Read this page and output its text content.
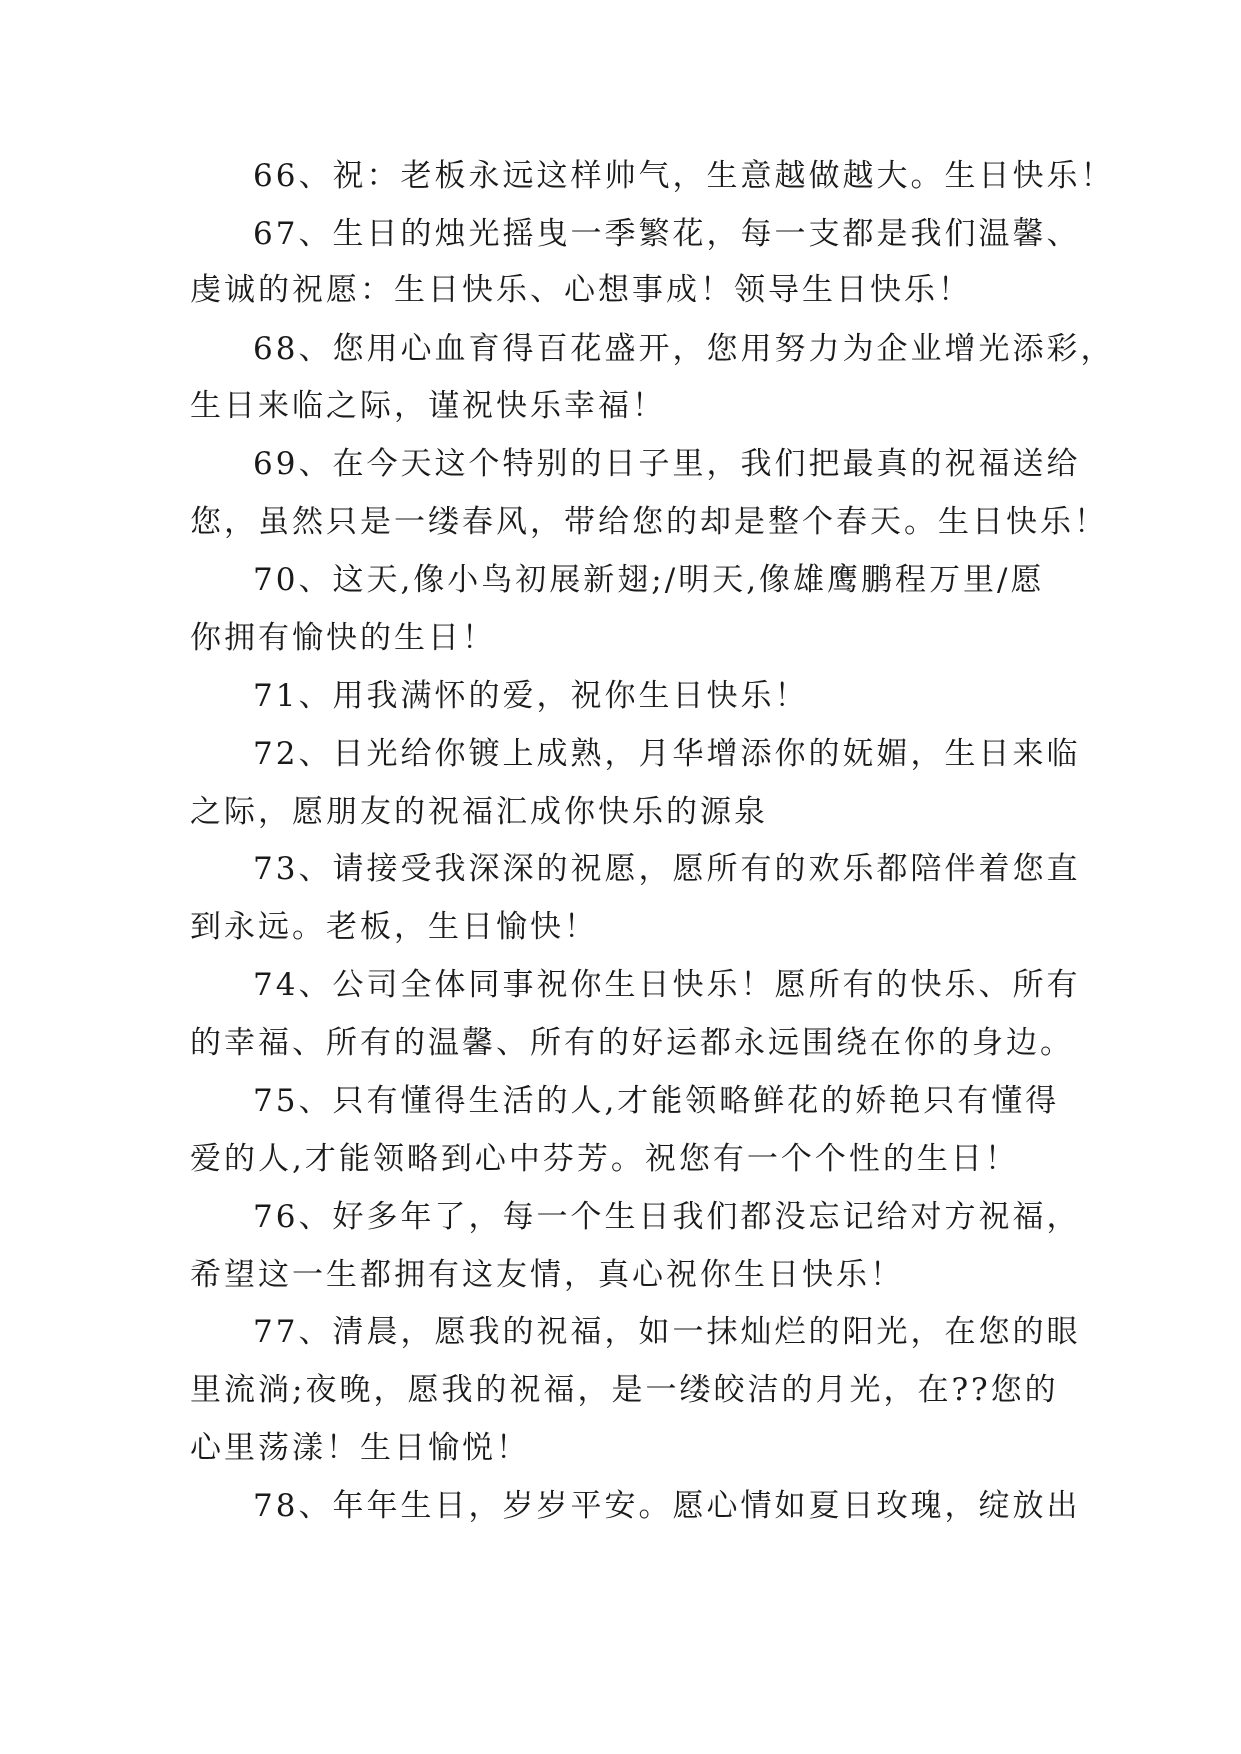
66、祝：老板永远这样帅气，生意越做越大。生日快乐！
67、生日的烛光摇曳一季繁花，每一支都是我们温馨、
虔诚的祝愿：生日快乐、心想事成！领导生日快乐！
68、您用心血育得百花盛开，您用努力为企业增光添彩，
生日来临之际，谨祝快乐幸福！
69、在今天这个特别的日子里，我们把最真的祝福送给
您，虽然只是一缕春风，带给您的却是整个春天。生日快乐！
70、这天,像小鸟初展新翅;/明天,像雄鹰鹏程万里/愿
你拥有愉快的生日！
71、用我满怀的爱，祝你生日快乐！
72、日光给你镀上成熟，月华增添你的妩媚，生日来临
之际，愿朋友的祝福汇成你快乐的源泉
73、请接受我深深的祝愿，愿所有的欢乐都陪伴着您直
到永远。老板，生日愉快！
74、公司全体同事祝你生日快乐！愿所有的快乐、所有
的幸福、所有的温馨、所有的好运都永远围绕在你的身边。
75、只有懂得生活的人,才能领略鲜花的娇艳只有懂得
爱的人,才能领略到心中芬芳。祝您有一个个性的生日！
76、好多年了，每一个生日我们都没忘记给对方祝福，
希望这一生都拥有这友情，真心祝你生日快乐！
77、清晨，愿我的祝福，如一抹灿烂的阳光，在您的眼
里流淌;夜晚，愿我的祝福，是一缕皎洁的月光，在??您的
心里荡漾！生日愉悦！
78、年年生日，岁岁平安。愿心情如夏日玫瑰，绽放出
